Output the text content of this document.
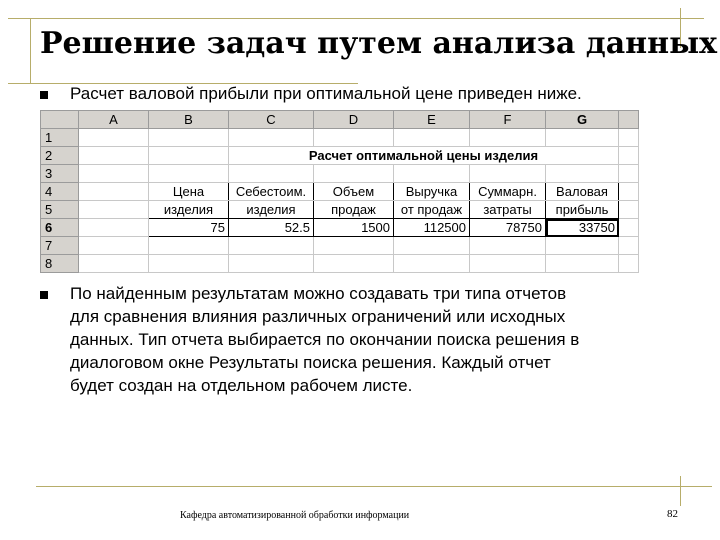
Решение задач путем анализа данных
Расчет валовой прибыли при оптимальной цене приведен ниже.
	A	B	C	D	E	F	G	
1								
2			Расчет оптимальной цены изделия					
3								
4		Цена	Себестоим.	Объем	Выручка	Суммарн.	Валовая	
5		изделия	изделия	продаж	от продаж	затраты	прибыль	
6		75	52.5	1500	112500	78750	33750	
7								
8								
По найденным результатам можно создавать три типа отчетов
для сравнения влияния различных ограничений или исходных
данных. Тип отчета выбирается по окончании поиска решения в
диалоговом окне Результаты поиска решения. Каждый отчет
будет создан на отдельном рабочем листе.
Кафедра автоматизированной обработки информации	82
